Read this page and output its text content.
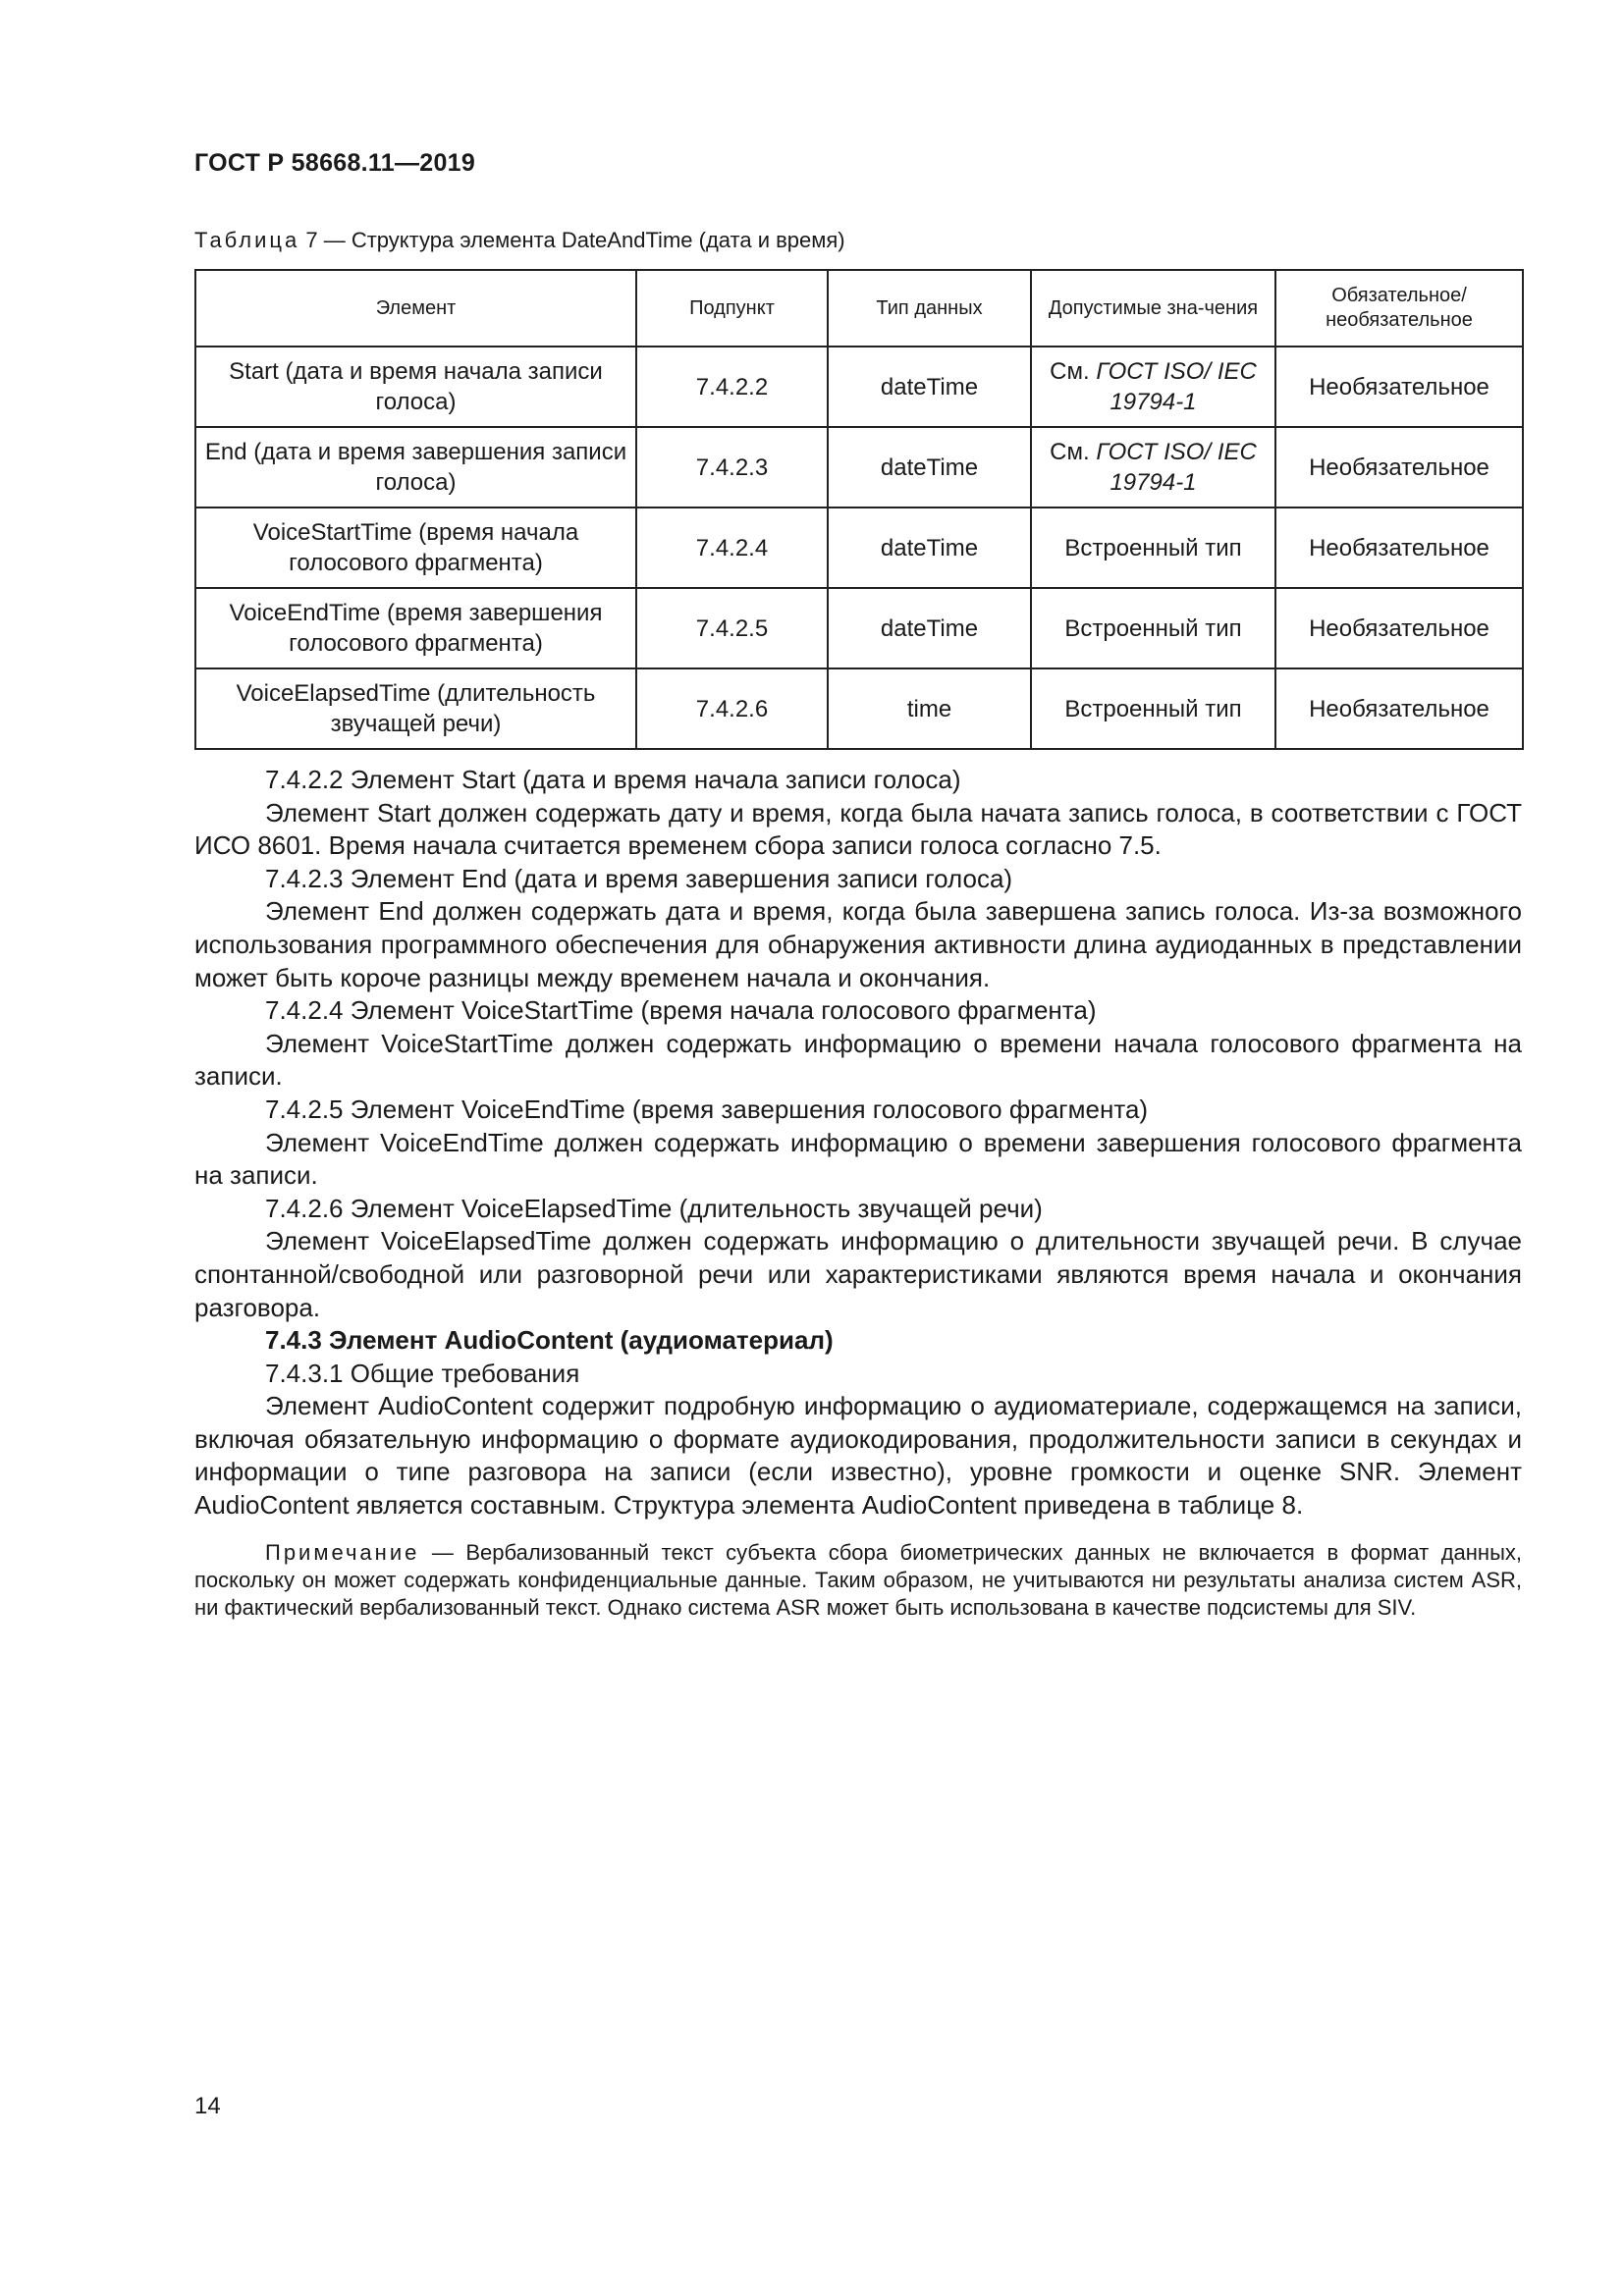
ГОСТ Р 58668.11—2019
Таблица 7 — Структура элемента DateAndTime (дата и время)
Элемент	Подпункт	Тип данных	Допустимые зна-чения	Обязательное/ необязательное
Start (дата и время начала записи голоса)	7.4.2.2	dateTime	См. ГОСТ ISO/ IEC 19794-1	Необязательное
End (дата и время завершения записи голоса)	7.4.2.3	dateTime	См. ГОСТ ISO/ IEC 19794-1	Необязательное
VoiceStartTime (время начала голосового фрагмента)	7.4.2.4	dateTime	Встроенный тип	Необязательное
VoiceEndTime (время завершения голосового фрагмента)	7.4.2.5	dateTime	Встроенный тип	Необязательное
VoiceElapsedTime (длительность звучащей речи)	7.4.2.6	time	Встроенный тип	Необязательное

7.4.2.2 Элемент Start (дата и время начала записи голоса)

Элемент Start должен содержать дату и время, когда была начата запись голоса, в соответствии с ГОСТ ИСО 8601. Время начала считается временем сбора записи голоса согласно 7.5.

7.4.2.3 Элемент End (дата и время завершения записи голоса)

Элемент End должен содержать дата и время, когда была завершена запись голоса. Из-за возможного использования программного обеспечения для обнаружения активности длина аудиоданных в представлении может быть короче разницы между временем начала и окончания.

7.4.2.4 Элемент VoiceStartTime (время начала голосового фрагмента)

Элемент VoiceStartTime должен содержать информацию о времени начала голосового фрагмента на записи.

7.4.2.5 Элемент VoiceEndTime (время завершения голосового фрагмента)

Элемент VoiceEndTime должен содержать информацию о времени завершения голосового фрагмента на записи.

7.4.2.6 Элемент VoiceElapsedTime (длительность звучащей речи)

Элемент VoiceElapsedTime должен содержать информацию о длительности звучащей речи. В случае спонтанной/свободной или разговорной речи или характеристиками являются время начала и окончания разговора.

7.4.3 Элемент AudioContent (аудиоматериал)

7.4.3.1 Общие требования

Элемент AudioContent содержит подробную информацию о аудиоматериале, содержащемся на записи, включая обязательную информацию о формате аудиокодирования, продолжительности записи в секундах и информации о типе разговора на записи (если известно), уровне громкости и оценке SNR. Элемент AudioContent является составным. Структура элемента AudioContent приведена в таблице 8.

Примечание — Вербализованный текст субъекта сбора биометрических данных не включается в формат данных, поскольку он может содержать конфиденциальные данные. Таким образом, не учитываются ни результаты анализа систем ASR, ни фактический вербализованный текст. Однако система ASR может быть использована в качестве подсистемы для SIV.

14
